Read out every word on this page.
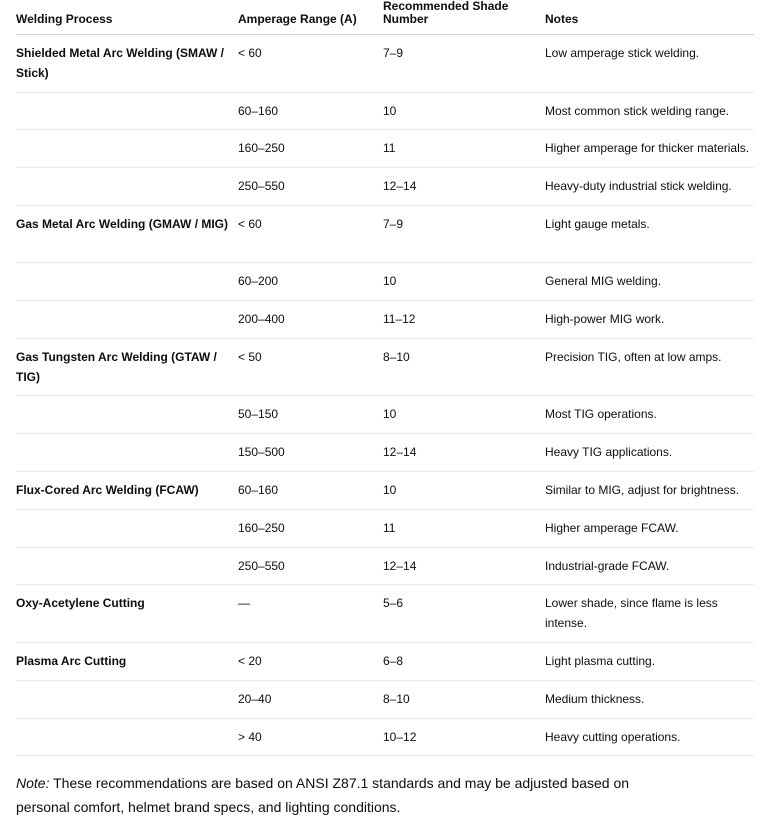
Welding Process	Amperage Range (A)	Recommended Shade Number	Notes
Shielded Metal Arc Welding (SMAW / Stick)	< 60	7–9	Low amperage stick welding.
	60–160	10	Most common stick welding range.
	160–250	11	Higher amperage for thicker materials.
	250–550	12–14	Heavy-duty industrial stick welding.
Gas Metal Arc Welding (GMAW / MIG)	< 60	7–9	Light gauge metals.
	60–200	10	General MIG welding.
	200–400	11–12	High-power MIG work.
Gas Tungsten Arc Welding (GTAW / TIG)	< 50	8–10	Precision TIG, often at low amps.
	50–150	10	Most TIG operations.
	150–500	12–14	Heavy TIG applications.
Flux-Cored Arc Welding (FCAW)	60–160	10	Similar to MIG, adjust for brightness.
	160–250	11	Higher amperage FCAW.
	250–550	12–14	Industrial-grade FCAW.
Oxy-Acetylene Cutting	—	5–6	Lower shade, since flame is less intense.
Plasma Arc Cutting	< 20	6–8	Light plasma cutting.
	20–40	8–10	Medium thickness.
	> 40	10–12	Heavy cutting operations.

Note: These recommendations are based on ANSI Z87.1 standards and may be adjusted based on personal comfort, helmet brand specs, and lighting conditions.
